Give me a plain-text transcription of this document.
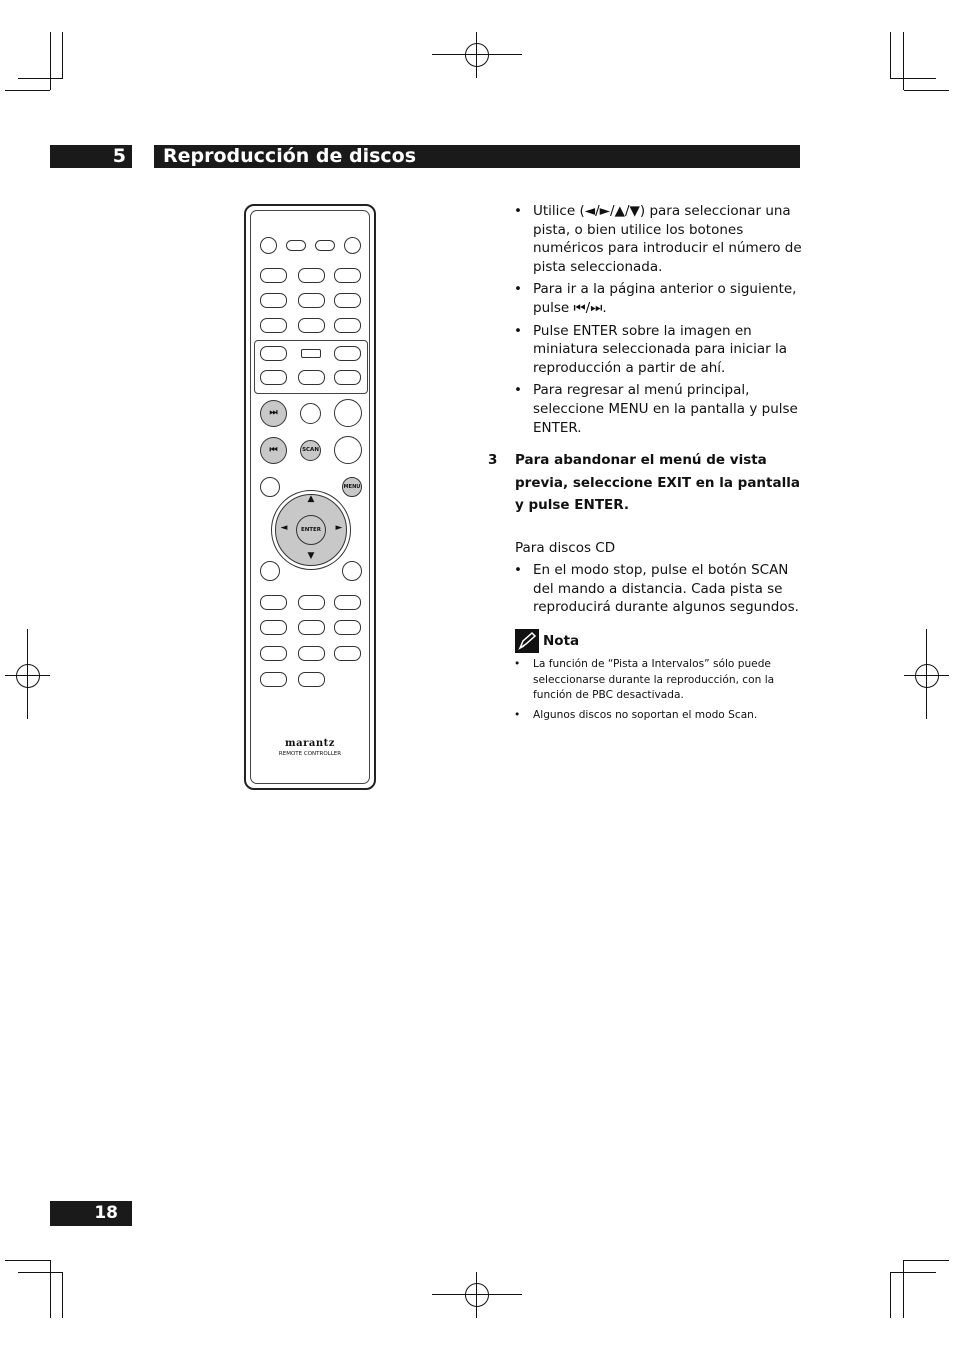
5	Reproducción de discos
⏭
⏮	SCAN
MENU
▲
▼
◄	►
ENTER
marantz
REMOTE CONTROLLER
• Utilice (◄/►/▲/▼) para seleccionar una pista, o bien utilice los botones numéricos para introducir el número de pista seleccionada.
• Para ir a la página anterior o siguiente, pulse ⏮/⏭.
• Pulse ENTER sobre la imagen en miniatura seleccionada para iniciar la reproducción a partir de ahí.
• Para regresar al menú principal, seleccione MENU en la pantalla y pulse ENTER.
3 Para abandonar el menú de vista previa, seleccione EXIT en la pantalla y pulse ENTER.
Para discos CD
• En el modo stop, pulse el botón SCAN del mando a distancia. Cada pista se reproducirá durante algunos segundos.
Nota
• La función de “Pista a Intervalos” sólo puede seleccionarse durante la reproducción, con la función de PBC desactivada.
• Algunos discos no soportan el modo Scan.
18
